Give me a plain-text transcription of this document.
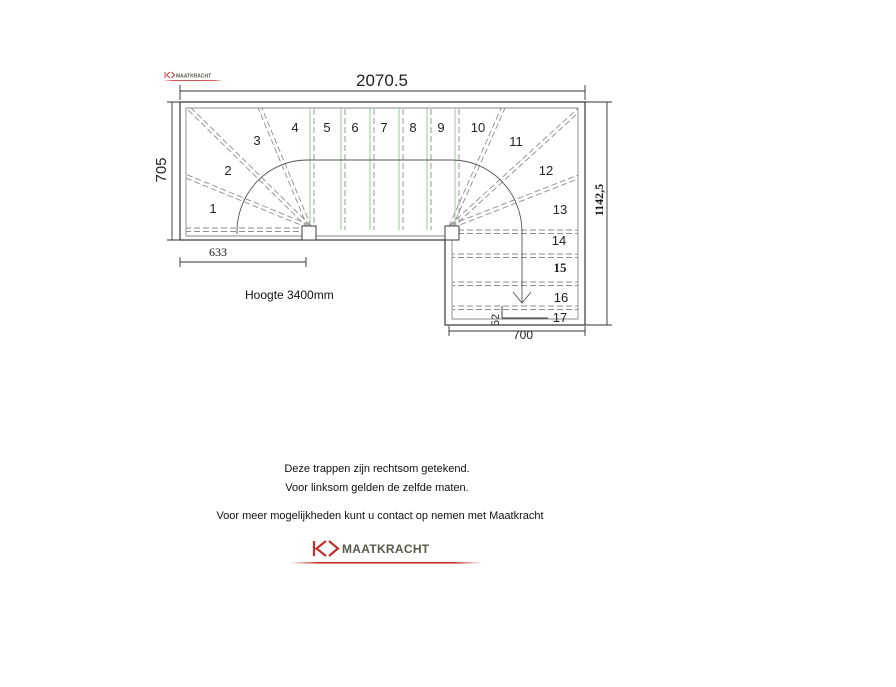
MAATKRACHT	2070.5
705
1142,5
633
700
52
1
2
3
4 5 6 7 8 9 10
11
12
13
14
15
16
17
Hoogte 3400mm
Deze trappen zijn rechtsom getekend.
Voor linksom gelden de zelfde maten.
Voor meer mogelijkheden kunt u contact op nemen met Maatkracht
MAATKRACHT
